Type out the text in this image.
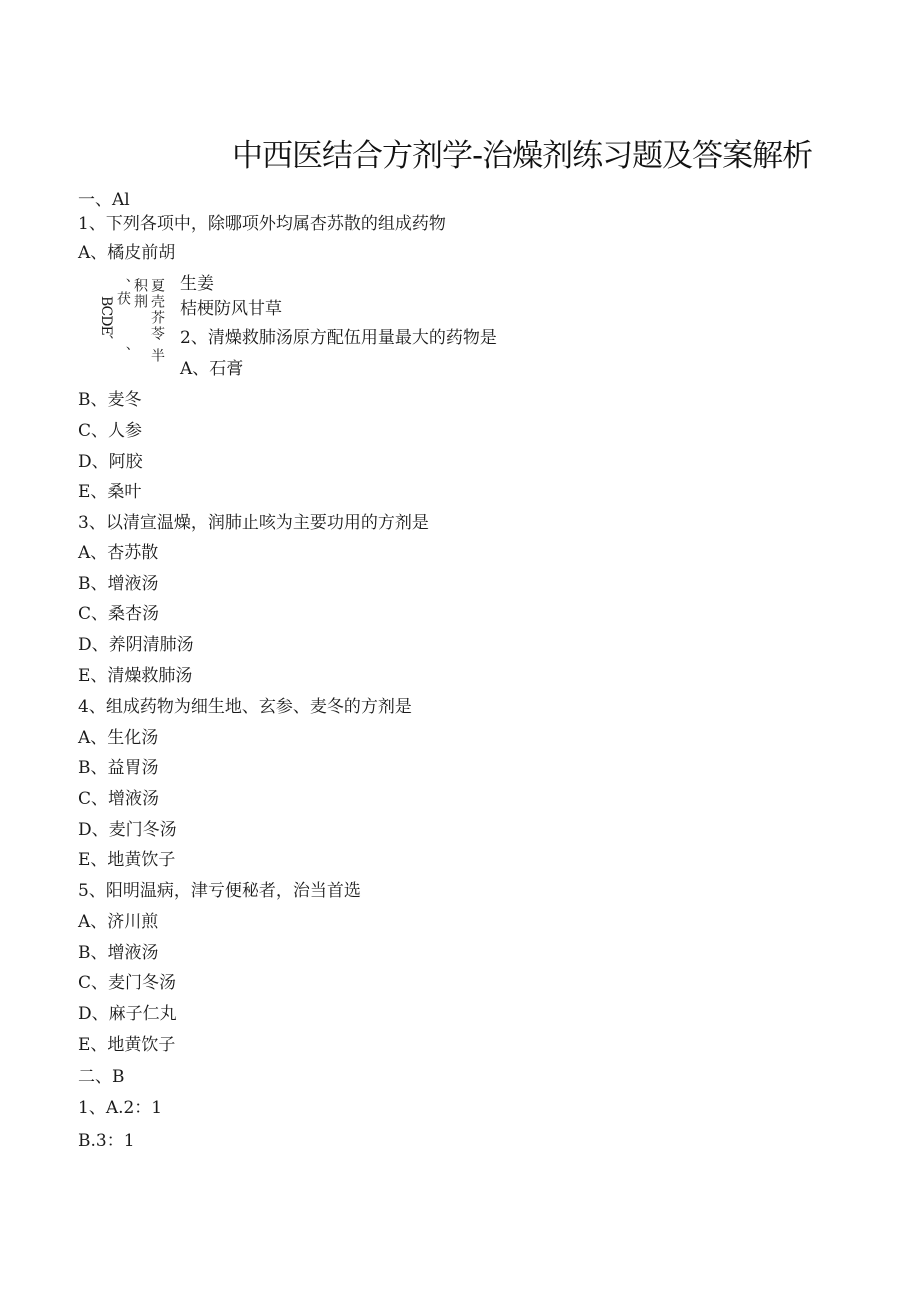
中西医结合方剂学-治燥剂练习题及答案解析
一、Al
1、下列各项中，除哪项外均属杏苏散的组成药物
A、橘皮前胡
、茯
BCDE、
、
积
荆
夏
壳
芥
苓
半
生姜
桔梗防风甘草
2、清燥救肺汤原方配伍用量最大的药物是
A、石膏
B、麦冬
C、人参
D、阿胶
E、桑叶
3、以清宣温燥，润肺止咳为主要功用的方剂是
A、杏苏散
B、增液汤
C、桑杏汤
D、养阴清肺汤
E、清燥救肺汤
4、组成药物为细生地、玄参、麦冬的方剂是
A、生化汤
B、益胃汤
C、增液汤
D、麦门冬汤
E、地黄饮子
5、阳明温病，津亏便秘者，治当首选
A、济川煎
B、增液汤
C、麦门冬汤
D、麻子仁丸
E、地黄饮子
二、B
1、A.2：1
B.3：1
